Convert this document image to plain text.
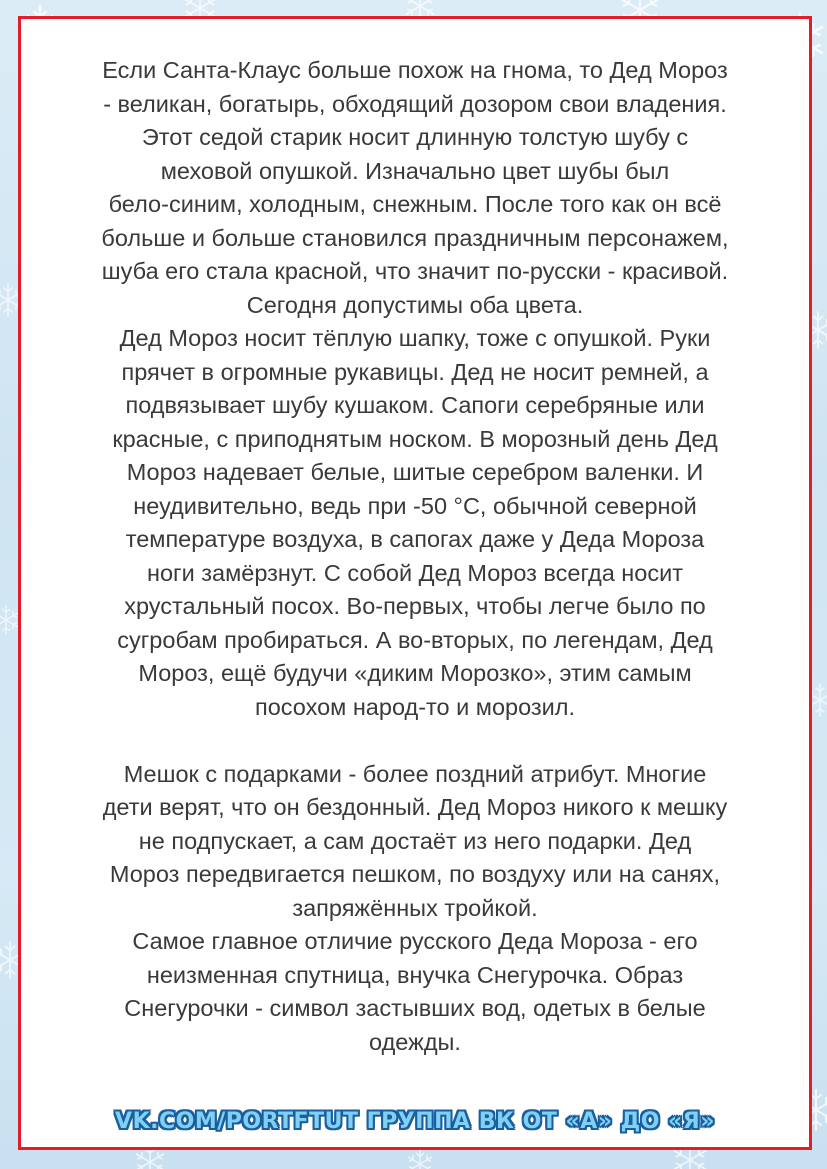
Если Санта-Клаус больше похож на гнома, то Дед Мороз
- великан, богатырь, обходящий дозором свои владения.
Этот седой старик носит длинную толстую шубу с
меховой опушкой. Изначально цвет шубы был
бело-синим, холодным, снежным. После того как он всё
больше и больше становился праздничным персонажем,
шуба его стала красной, что значит по-русски - красивой.
Сегодня допустимы оба цвета.

Дед Мороз носит тёплую шапку, тоже с опушкой. Руки
прячет в огромные рукавицы. Дед не носит ремней, а
подвязывает шубу кушаком. Сапоги серебряные или
красные, с приподнятым носком. В морозный день Дед
Мороз надевает белые, шитые серебром валенки. И
неудивительно, ведь при -50 °C, обычной северной
температуре воздуха, в сапогах даже у Деда Мороза
ноги замёрзнут. С собой Дед Мороз всегда носит
хрустальный посох. Во-первых, чтобы легче было по
сугробам пробираться. А во-вторых, по легендам, Дед
Мороз, ещё будучи «диким Морозко», этим самым
посохом народ-то и морозил.

Мешок с подарками - более поздний атрибут. Многие
дети верят, что он бездонный. Дед Мороз никого к мешку
не подпускает, а сам достаёт из него подарки. Дед
Мороз передвигается пешком, по воздуху или на санях,
запряжённых тройкой.

Самое главное отличие русского Деда Мороза - его
неизменная спутница, внучка Снегурочка. Образ
Снегурочки - символ застывших вод, одетых в белые
одежды.

VK.COM/PORTFTUT ГРУППА ВК ОТ «А» ДО «Я»
